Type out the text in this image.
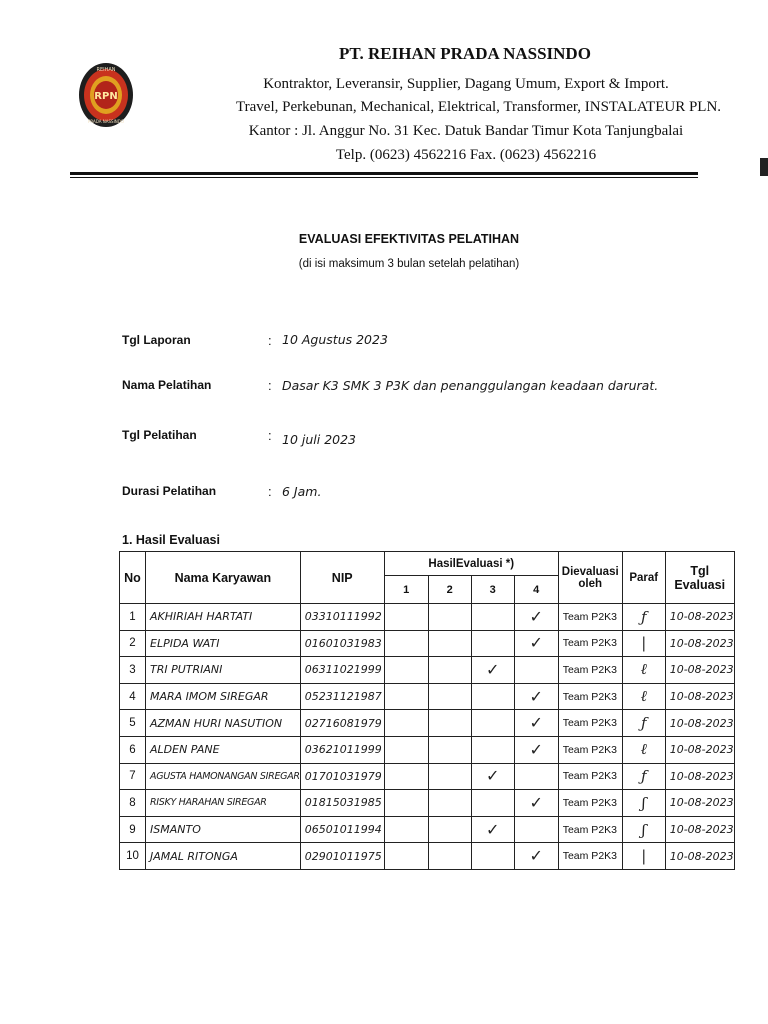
RPN
REIHAN
PRADA NASSINDO
PT. REIHAN PRADA NASSINDO
Kontraktor, Leveransir, Supplier, Dagang Umum, Export & Import.
Travel, Perkebunan, Mechanical, Elektrical, Transformer, INSTALATEUR PLN.
Kantor : Jl. Anggur No. 31 Kec. Datuk Bandar Timur Kota Tanjungbalai
Telp. (0623) 4562216 Fax. (0623) 4562216
EVALUASI EFEKTIVITAS PELATIHAN
(di isi maksimum 3 bulan setelah pelatihan)
Tgl Laporan	: 10 Agustus 2023
Nama Pelatihan	: Dasar K3 SMK 3 P3K dan penanggulangan keadaan darurat.
Tgl Pelatihan	: 10 juli 2023
Durasi Pelatihan	: 6 Jam.
1. Hasil Evaluasi
No	Nama Karyawan	NIP	HasilEvaluasi *)				Dievaluasi oleh	Paraf	Tgl Evaluasi
			1	2	3	4			
1	AKHIRIAH HARTATI	03310111992				✓	Team P2K3	ƒ	10-08-2023
2	ELPIDA WATI	01601031983				✓	Team P2K3	|	10-08-2023
3	TRI PUTRIANI	06311021999			✓		Team P2K3	ℓ	10-08-2023
4	MARA IMOM SIREGAR	05231121987				✓	Team P2K3	ℓ	10-08-2023
5	AZMAN HURI NASUTION	02716081979				✓	Team P2K3	ƒ	10-08-2023
6	ALDEN PANE	03621011999				✓	Team P2K3	ℓ	10-08-2023
7	AGUSTA HAMONANGAN SIREGAR	01701031979			✓		Team P2K3	ƒ	10-08-2023
8	RISKY HARAHAN SIREGAR	01815031985				✓	Team P2K3	ʃ	10-08-2023
9	ISMANTO	06501011994			✓		Team P2K3	ʃ	10-08-2023
10	JAMAL RITONGA	02901011975				✓	Team P2K3	|	10-08-2023
